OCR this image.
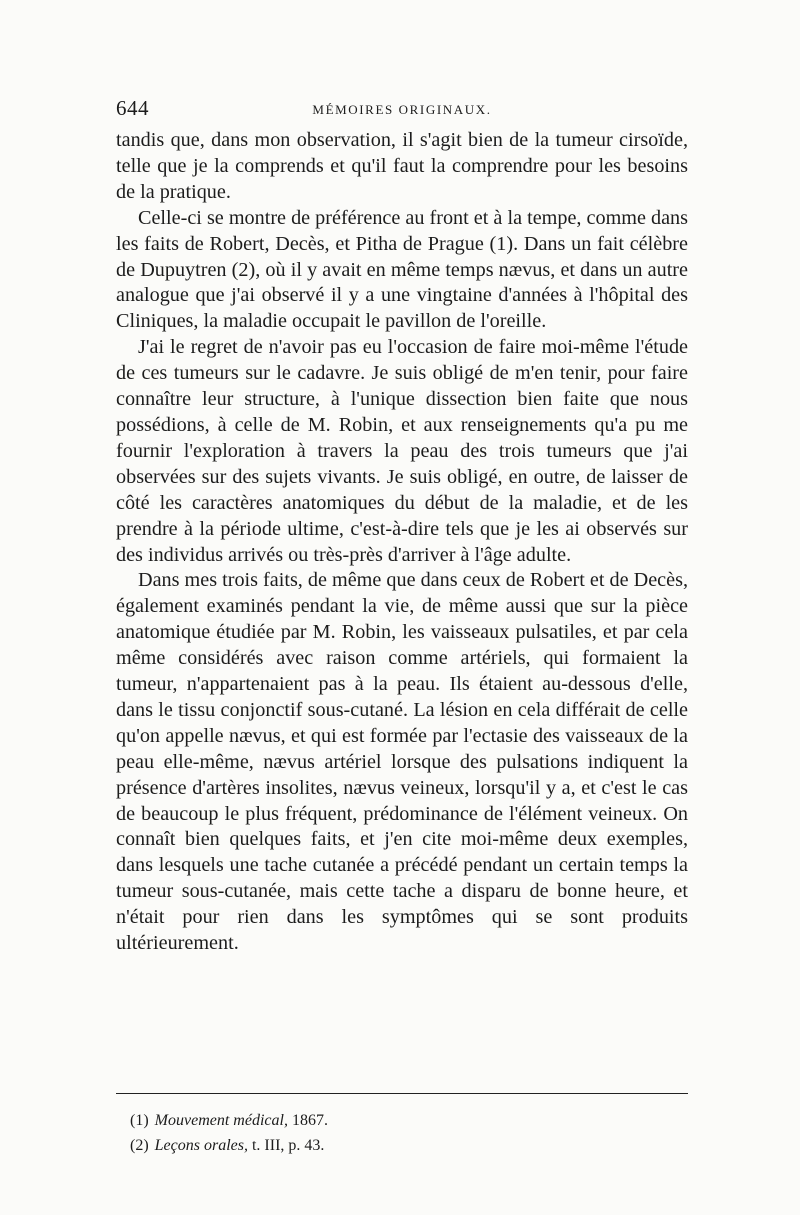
644	MÉMOIRES ORIGINAUX.

tandis que, dans mon observation, il s'agit bien de la tumeur cirsoïde, telle que je la comprends et qu'il faut la comprendre pour les besoins de la pratique.

Celle-ci se montre de préférence au front et à la tempe, comme dans les faits de Robert, Decès, et Pitha de Prague (1). Dans un fait célèbre de Dupuytren (2), où il y avait en même temps nævus, et dans un autre analogue que j'ai observé il y a une vingtaine d'années à l'hôpital des Cliniques, la maladie occupait le pavillon de l'oreille.

J'ai le regret de n'avoir pas eu l'occasion de faire moi-même l'étude de ces tumeurs sur le cadavre. Je suis obligé de m'en tenir, pour faire connaître leur structure, à l'unique dissection bien faite que nous possédions, à celle de M. Robin, et aux renseignements qu'a pu me fournir l'exploration à travers la peau des trois tumeurs que j'ai observées sur des sujets vivants. Je suis obligé, en outre, de laisser de côté les caractères anatomiques du début de la maladie, et de les prendre à la période ultime, c'est-à-dire tels que je les ai observés sur des individus arrivés ou très-près d'arriver à l'âge adulte.

Dans mes trois faits, de même que dans ceux de Robert et de Decès, également examinés pendant la vie, de même aussi que sur la pièce anatomique étudiée par M. Robin, les vaisseaux pulsatiles, et par cela même considérés avec raison comme artériels, qui formaient la tumeur, n'appartenaient pas à la peau. Ils étaient au-dessous d'elle, dans le tissu conjonctif sous-cutané. La lésion en cela différait de celle qu'on appelle nævus, et qui est formée par l'ectasie des vaisseaux de la peau elle-même, nævus artériel lorsque des pulsations indiquent la présence d'artères insolites, nævus veineux, lorsqu'il y a, et c'est le cas de beaucoup le plus fréquent, prédominance de l'élément veineux. On connaît bien quelques faits, et j'en cite moi-même deux exemples, dans lesquels une tache cutanée a précédé pendant un certain temps la tumeur sous-cutanée, mais cette tache a disparu de bonne heure, et n'était pour rien dans les symptômes qui se sont produits ultérieurement.

(1) Mouvement médical, 1867.
(2) Leçons orales, t. III, p. 43.
